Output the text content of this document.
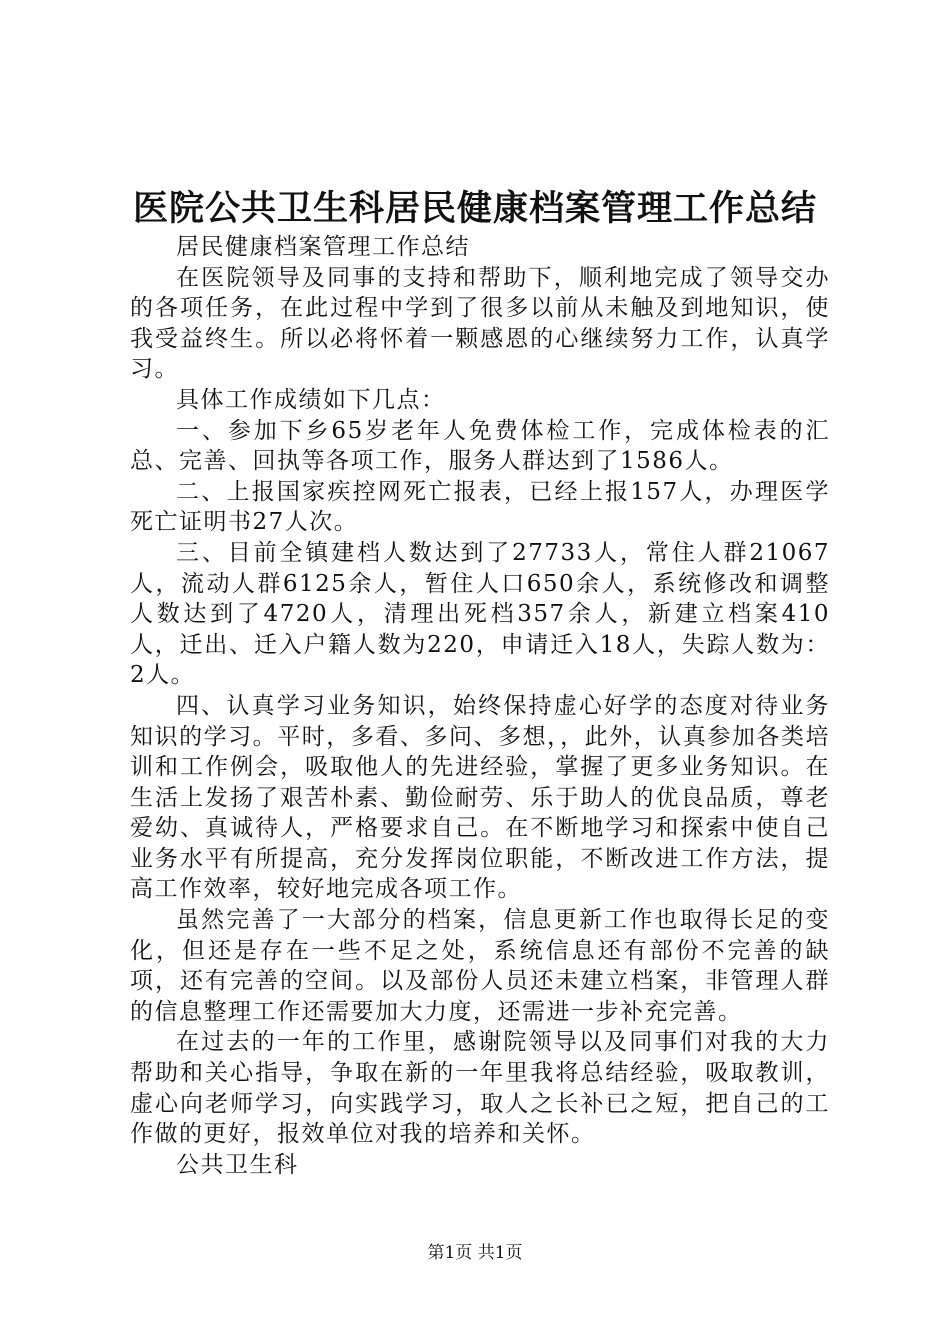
医院公共卫生科居民健康档案管理工作总结

居民健康档案管理工作总结

在医院领导及同事的支持和帮助下，顺利地完成了领导交办的各项任务，在此过程中学到了很多以前从未触及到地知识，使我受益终生。所以必将怀着一颗感恩的心继续努力工作，认真学习。

具体工作成绩如下几点：

一、参加下乡65岁老年人免费体检工作，完成体检表的汇总、完善、回执等各项工作，服务人群达到了1586人。

二、上报国家疾控网死亡报表，已经上报157人，办理医学死亡证明书27人次。

三、目前全镇建档人数达到了27733人，常住人群21067人，流动人群6125余人，暂住人口650余人，系统修改和调整人数达到了4720人，清理出死档357余人，新建立档案410人，迁出、迁入户籍人数为220，申请迁入18人，失踪人数为：2人。

四、认真学习业务知识，始终保持虚心好学的态度对待业务知识的学习。平时，多看、多问、多想，，此外，认真参加各类培训和工作例会，吸取他人的先进经验，掌握了更多业务知识。在生活上发扬了艰苦朴素、勤俭耐劳、乐于助人的优良品质，尊老爱幼、真诚待人，严格要求自己。在不断地学习和探索中使自己业务水平有所提高，充分发挥岗位职能，不断改进工作方法，提高工作效率，较好地完成各项工作。

虽然完善了一大部分的档案，信息更新工作也取得长足的变化，但还是存在一些不足之处，系统信息还有部份不完善的缺项，还有完善的空间。以及部份人员还未建立档案，非管理人群的信息整理工作还需要加大力度，还需进一步补充完善。

在过去的一年的工作里，感谢院领导以及同事们对我的大力帮助和关心指导，争取在新的一年里我将总结经验，吸取教训，虚心向老师学习，向实践学习，取人之长补已之短，把自己的工作做的更好，报效单位对我的培养和关怀。

公共卫生科

第1页 共1页
